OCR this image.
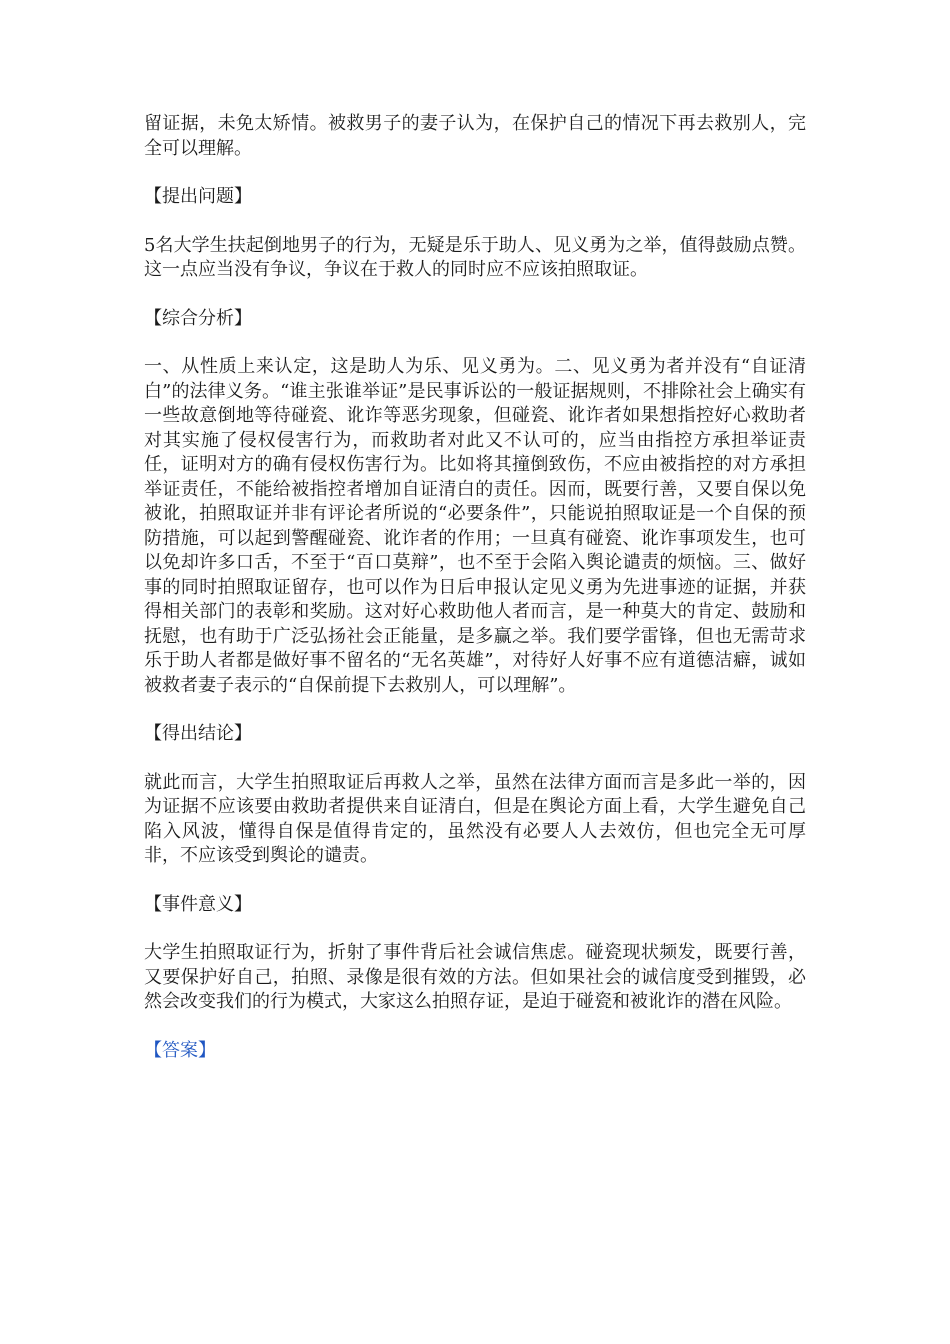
留证据，未免太矫情。被救男子的妻子认为，在保护自己的情况下再去救别人，完全可以理解。

【提出问题】

5名大学生扶起倒地男子的行为，无疑是乐于助人、见义勇为之举，值得鼓励点赞。这一点应当没有争议，争议在于救人的同时应不应该拍照取证。

【综合分析】

一、从性质上来认定，这是助人为乐、见义勇为。二、见义勇为者并没有“自证清白”的法律义务。“谁主张谁举证”是民事诉讼的一般证据规则，不排除社会上确实有一些故意倒地等待碰瓷、讹诈等恶劣现象，但碰瓷、讹诈者如果想指控好心救助者对其实施了侵权侵害行为，而救助者对此又不认可的，应当由指控方承担举证责任，证明对方的确有侵权伤害行为。比如将其撞倒致伤，不应由被指控的对方承担举证责任，不能给被指控者增加自证清白的责任。因而，既要行善，又要自保以免被讹，拍照取证并非有评论者所说的“必要条件”，只能说拍照取证是一个自保的预防措施，可以起到警醒碰瓷、讹诈者的作用；一旦真有碰瓷、讹诈事项发生，也可以免却许多口舌，不至于“百口莫辩”，也不至于会陷入舆论谴责的烦恼。三、做好事的同时拍照取证留存，也可以作为日后申报认定见义勇为先进事迹的证据，并获得相关部门的表彰和奖励。这对好心救助他人者而言，是一种莫大的肯定、鼓励和抚慰，也有助于广泛弘扬社会正能量，是多赢之举。我们要学雷锋，但也无需苛求乐于助人者都是做好事不留名的“无名英雄”，对待好人好事不应有道德洁癖，诚如被救者妻子表示的“自保前提下去救别人，可以理解”。

【得出结论】

就此而言，大学生拍照取证后再救人之举，虽然在法律方面而言是多此一举的，因为证据不应该要由救助者提供来自证清白，但是在舆论方面上看，大学生避免自己陷入风波，懂得自保是值得肯定的，虽然没有必要人人去效仿，但也完全无可厚非，不应该受到舆论的谴责。

【事件意义】

大学生拍照取证行为，折射了事件背后社会诚信焦虑。碰瓷现状频发，既要行善，又要保护好自己，拍照、录像是很有效的方法。但如果社会的诚信度受到摧毁，必然会改变我们的行为模式，大家这么拍照存证，是迫于碰瓷和被讹诈的潜在风险。

【答案】
